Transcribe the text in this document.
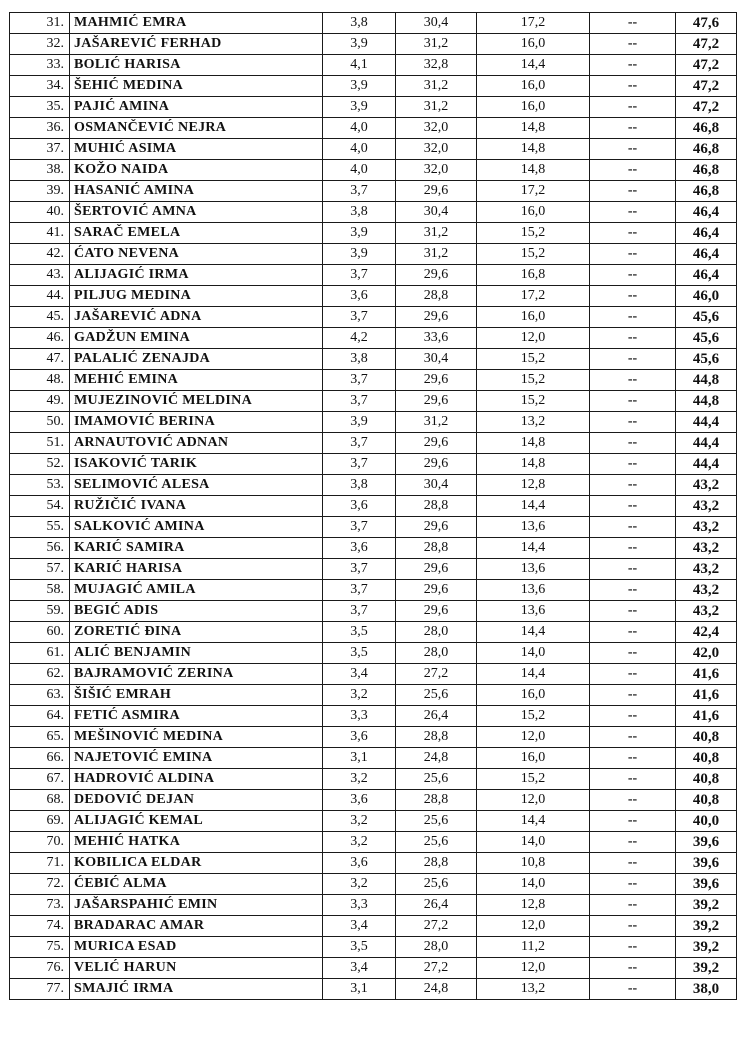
31.	MAHMIĆ EMRA	3,8	30,4	17,2	--	47,6
32.	JAŠAREVIĆ FERHAD	3,9	31,2	16,0	--	47,2
33.	BOLIĆ HARISA	4,1	32,8	14,4	--	47,2
34.	ŠEHIĆ MEDINA	3,9	31,2	16,0	--	47,2
35.	PAJIĆ AMINA	3,9	31,2	16,0	--	47,2
36.	OSMANČEVIĆ NEJRA	4,0	32,0	14,8	--	46,8
37.	MUHIĆ ASIMA	4,0	32,0	14,8	--	46,8
38.	KOŽO NAIDA	4,0	32,0	14,8	--	46,8
39.	HASANIĆ AMINA	3,7	29,6	17,2	--	46,8
40.	ŠERTOVIĆ AMNA	3,8	30,4	16,0	--	46,4
41.	SARAČ EMELA	3,9	31,2	15,2	--	46,4
42.	ĆATO NEVENA	3,9	31,2	15,2	--	46,4
43.	ALIJAGIĆ IRMA	3,7	29,6	16,8	--	46,4
44.	PILJUG MEDINA	3,6	28,8	17,2	--	46,0
45.	JAŠAREVIĆ ADNA	3,7	29,6	16,0	--	45,6
46.	GADŽUN EMINA	4,2	33,6	12,0	--	45,6
47.	PALALIĆ ZENAJDA	3,8	30,4	15,2	--	45,6
48.	MEHIĆ EMINA	3,7	29,6	15,2	--	44,8
49.	MUJEZINOVIĆ MELDINA	3,7	29,6	15,2	--	44,8
50.	IMAMOVIĆ BERINA	3,9	31,2	13,2	--	44,4
51.	ARNAUTOVIĆ ADNAN	3,7	29,6	14,8	--	44,4
52.	ISAKOVIĆ TARIK	3,7	29,6	14,8	--	44,4
53.	SELIMOVIĆ ALESA	3,8	30,4	12,8	--	43,2
54.	RUŽIČIĆ IVANA	3,6	28,8	14,4	--	43,2
55.	SALKOVIĆ AMINA	3,7	29,6	13,6	--	43,2
56.	KARIĆ SAMIRA	3,6	28,8	14,4	--	43,2
57.	KARIĆ HARISA	3,7	29,6	13,6	--	43,2
58.	MUJAGIĆ AMILA	3,7	29,6	13,6	--	43,2
59.	BEGIĆ ADIS	3,7	29,6	13,6	--	43,2
60.	ZORETIĆ ĐINA	3,5	28,0	14,4	--	42,4
61.	ALIĆ BENJAMIN	3,5	28,0	14,0	--	42,0
62.	BAJRAMOVIĆ ZERINA	3,4	27,2	14,4	--	41,6
63.	ŠIŠIĆ EMRAH	3,2	25,6	16,0	--	41,6
64.	FETIĆ ASMIRA	3,3	26,4	15,2	--	41,6
65.	MEŠINOVIĆ MEDINA	3,6	28,8	12,0	--	40,8
66.	NAJETOVIĆ EMINA	3,1	24,8	16,0	--	40,8
67.	HADROVIĆ ALDINA	3,2	25,6	15,2	--	40,8
68.	DEDOVIĆ DEJAN	3,6	28,8	12,0	--	40,8
69.	ALIJAGIĆ KEMAL	3,2	25,6	14,4	--	40,0
70.	MEHIĆ HATKA	3,2	25,6	14,0	--	39,6
71.	KOBILICA ELDAR	3,6	28,8	10,8	--	39,6
72.	ĆEBIĆ ALMA	3,2	25,6	14,0	--	39,6
73.	JAŠARSPAHIĆ EMIN	3,3	26,4	12,8	--	39,2
74.	BRADARAC AMAR	3,4	27,2	12,0	--	39,2
75.	MURICA ESAD	3,5	28,0	11,2	--	39,2
76.	VELIĆ HARUN	3,4	27,2	12,0	--	39,2
77.	SMAJIĆ IRMA	3,1	24,8	13,2	--	38,0
